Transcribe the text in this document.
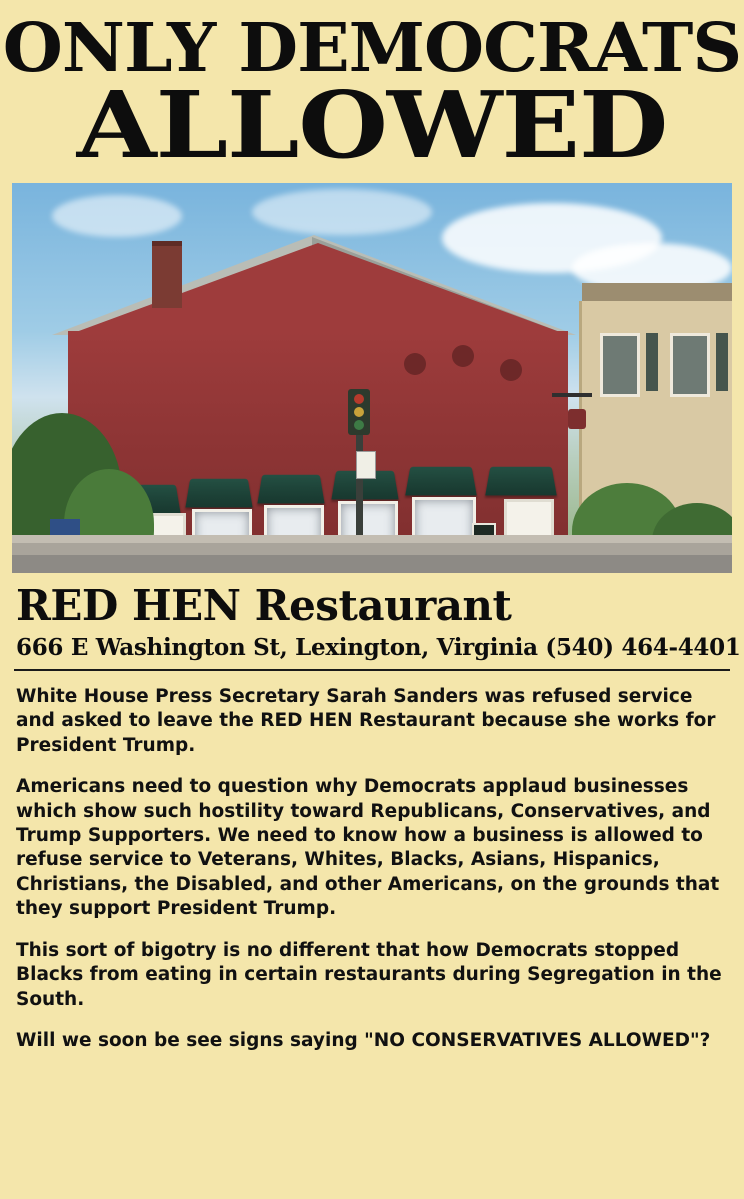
ONLY DEMOCRATS
ALLOWED
RED HEN Restaurant
666 E Washington St, Lexington, Virginia (540) 464-4401

White House Press Secretary Sarah Sanders was refused service and asked to leave the RED HEN Restaurant because she works for President Trump.

Americans need to question why Democrats applaud businesses which show such hostility toward Republicans, Conservatives, and Trump Supporters. We need to know how a business is allowed to refuse service to Veterans, Whites, Blacks, Asians, Hispanics, Christians, the Disabled, and other Americans, on the grounds that they support President Trump.

This sort of bigotry is no different that how Democrats stopped Blacks from eating in certain restaurants during Segregation in the South.

Will we soon be see signs saying "NO CONSERVATIVES ALLOWED"?
